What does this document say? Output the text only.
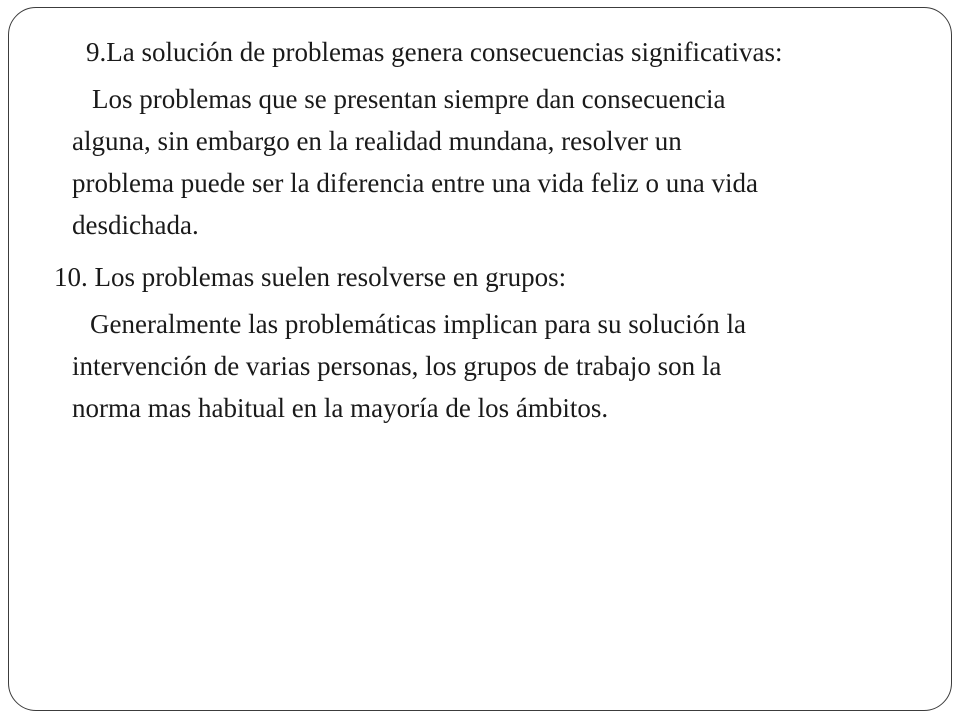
9.La solución de problemas genera consecuencias significativas:
Los problemas que se presentan siempre dan consecuencia
alguna, sin embargo en la realidad mundana, resolver un
problema puede ser la diferencia entre una vida feliz o una vida
desdichada.
10. Los problemas suelen resolverse en grupos:
Generalmente las problemáticas implican para su solución la
intervención de varias personas, los grupos de trabajo son la
norma mas habitual en la mayoría de los ámbitos.
